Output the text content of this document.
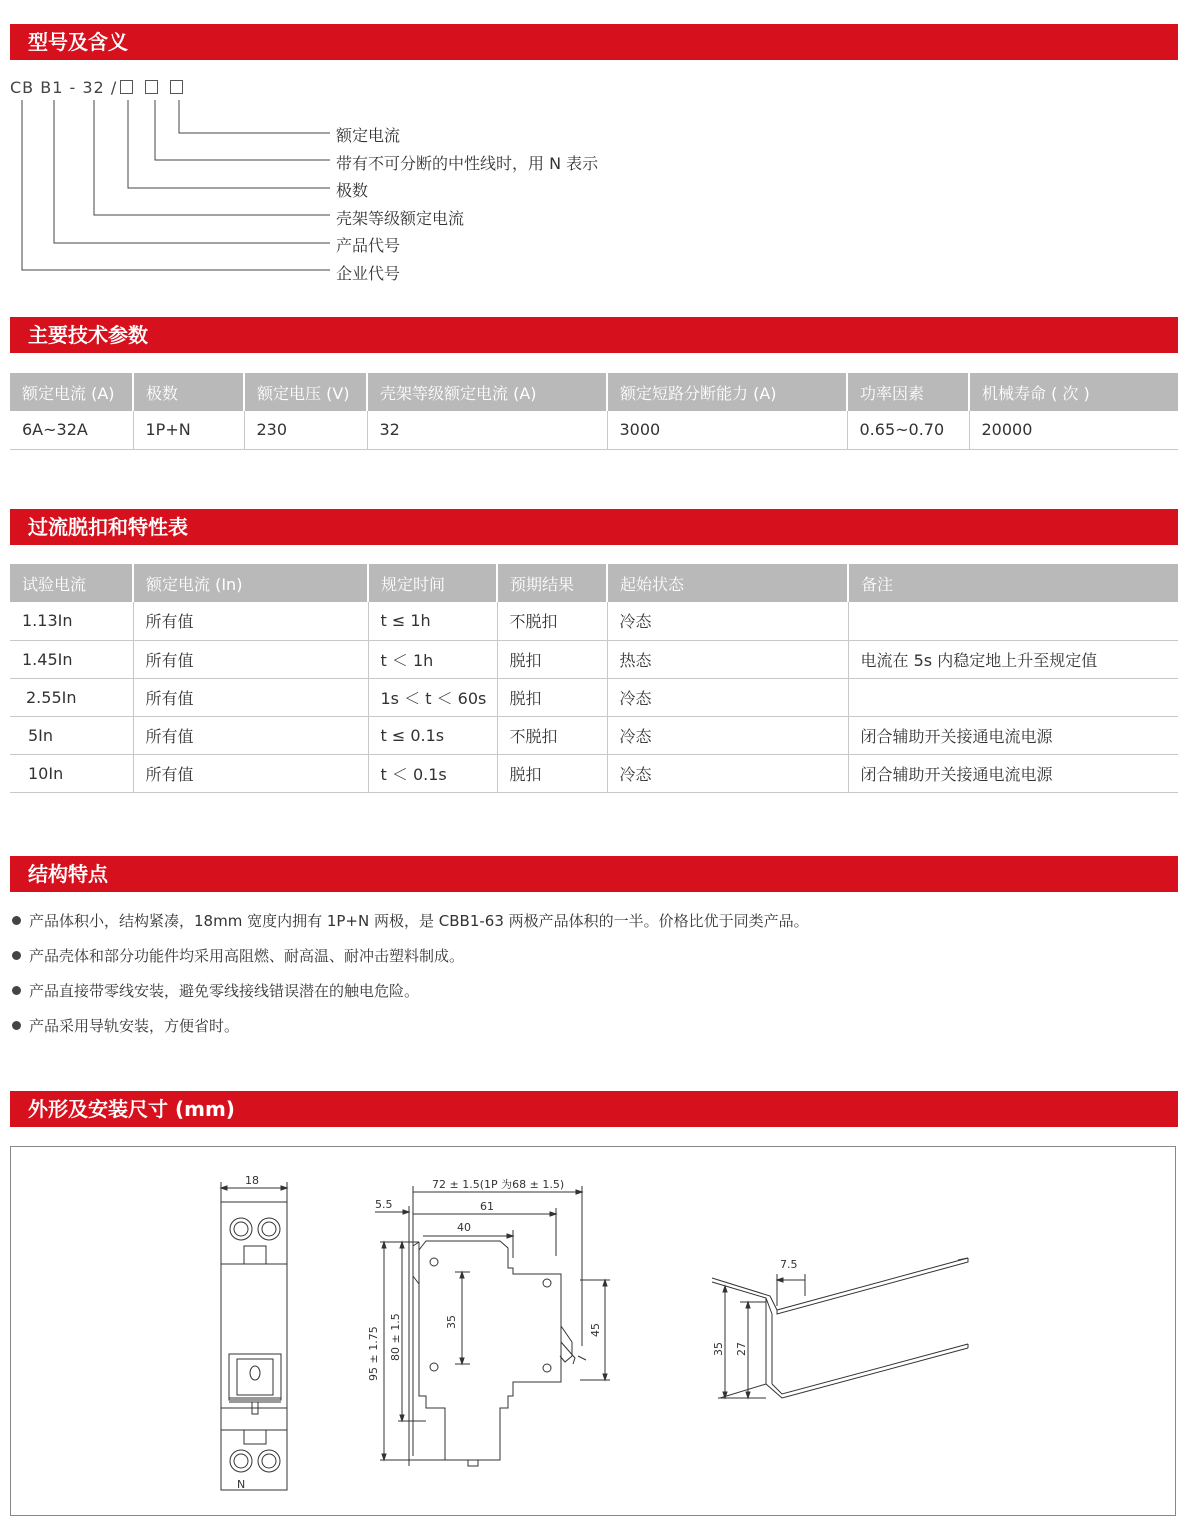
型号及含义
CB B1 - 32 /
额定电流
带有不可分断的中性线时，用 N 表示
极数
壳架等级额定电流
产品代号
企业代号
主要技术参数
额定电流 (A)	极数	额定电压 (V)	壳架等级额定电流 (A)	额定短路分断能力 (A)	功率因素	机械寿命 ( 次 )
6A~32A	1P+N	230	32	3000	0.65~0.70	20000
过流脱扣和特性表
试验电流	额定电流 (In)	规定时间	预期结果	起始状态	备注
1.13In	所有值	t ≤ 1h	不脱扣	冷态	
1.45In	所有值	t ＜ 1h	脱扣	热态	电流在 5s 内稳定地上升至规定值
2.55In	所有值	1s ＜ t ＜ 60s	脱扣	冷态	
5In	所有值	t ≤ 0.1s	不脱扣	冷态	闭合辅助开关接通电流电源
10In	所有值	t ＜ 0.1s	脱扣	冷态	闭合辅助开关接通电流电源
结构特点
产品体积小，结构紧凑，18mm 宽度内拥有 1P+N 两极，是 CBB1-63 两极产品体积的一半。价格比优于同类产品。
产品壳体和部分功能件均采用高阻燃、耐高温、耐冲击塑料制成。
产品直接带零线安装，避免零线接线错误潜在的触电危险。
产品采用导轨安装，方便省时。
外形及安装尺寸 (mm)
18
N
72 ± 1.5(1P 为68 ± 1.5)
5.5	61
40
95 ± 1.75 80 ± 1.5	35
45
7.5
35 27
